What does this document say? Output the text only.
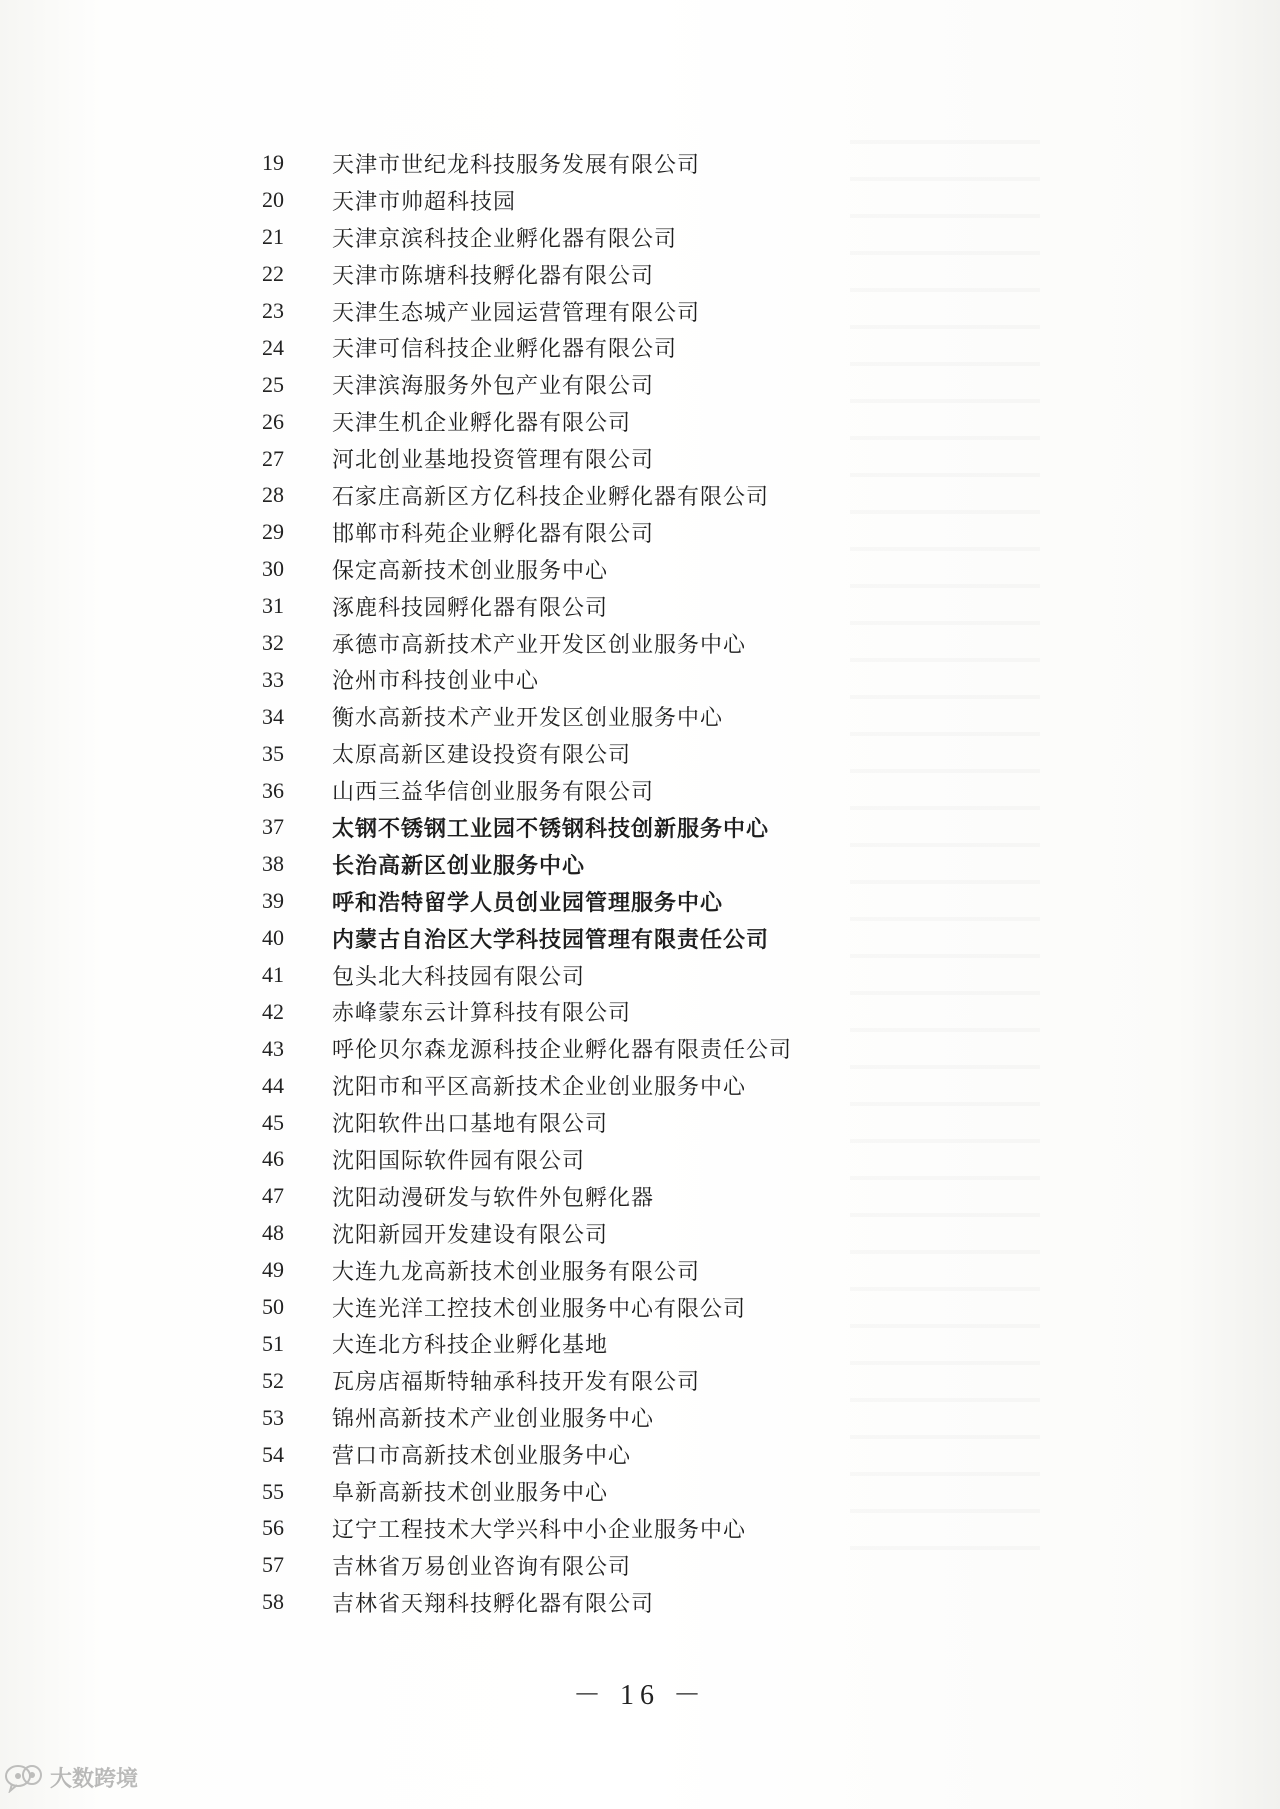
19 天津市世纪龙科技服务发展有限公司
20 天津市帅超科技园
21 天津京滨科技企业孵化器有限公司
22 天津市陈塘科技孵化器有限公司
23 天津生态城产业园运营管理有限公司
24 天津可信科技企业孵化器有限公司
25 天津滨海服务外包产业有限公司
26 天津生机企业孵化器有限公司
27 河北创业基地投资管理有限公司
28 石家庄高新区方亿科技企业孵化器有限公司
29 邯郸市科苑企业孵化器有限公司
30 保定高新技术创业服务中心
31 涿鹿科技园孵化器有限公司
32 承德市高新技术产业开发区创业服务中心
33 沧州市科技创业中心
34 衡水高新技术产业开发区创业服务中心
35 太原高新区建设投资有限公司
36 山西三益华信创业服务有限公司
37 太钢不锈钢工业园不锈钢科技创新服务中心
38 长治高新区创业服务中心
39 呼和浩特留学人员创业园管理服务中心
40 内蒙古自治区大学科技园管理有限责任公司
41 包头北大科技园有限公司
42 赤峰蒙东云计算科技有限公司
43 呼伦贝尔森龙源科技企业孵化器有限责任公司
44 沈阳市和平区高新技术企业创业服务中心
45 沈阳软件出口基地有限公司
46 沈阳国际软件园有限公司
47 沈阳动漫研发与软件外包孵化器
48 沈阳新园开发建设有限公司
49 大连九龙高新技术创业服务有限公司
50 大连光洋工控技术创业服务中心有限公司
51 大连北方科技企业孵化基地
52 瓦房店福斯特轴承科技开发有限公司
53 锦州高新技术产业创业服务中心
54 营口市高新技术创业服务中心
55 阜新高新技术创业服务中心
56 辽宁工程技术大学兴科中小企业服务中心
57 吉林省万易创业咨询有限公司
58 吉林省天翔科技孵化器有限公司
－ 16 －
大数跨境
